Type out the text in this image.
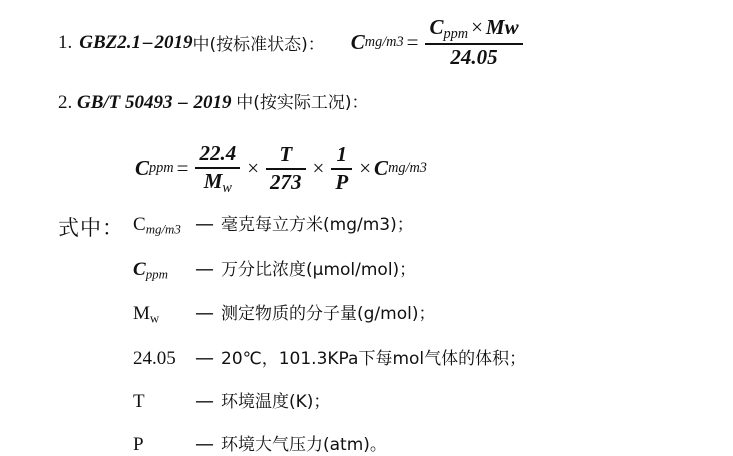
1. GBZ 2.1 – 2019 中(按标准状态)： C $mg/m3 = \frac{C_{ppm} \times Mw}{24.05}$
2. GB/T 50493 – 2019 中(按实际工况)：
C ppm = $\frac{22.4}{M_w} \times \frac{T}{273} \times \frac{1}{P} \times C$ mg/m3
式中： $C_{mg/m3}$ — 毫克每立方米(mg/m 3 )；
$C_{ppm}$	— 万分比浓度(μmol/mol)；
Mw	— 测定物质的分子量(g/mol)；
24.05	— 20℃，101.3KPa下每mol气体的体积；
T	— 环境温度(K)；
P	— 环境大气压力(atm)。
